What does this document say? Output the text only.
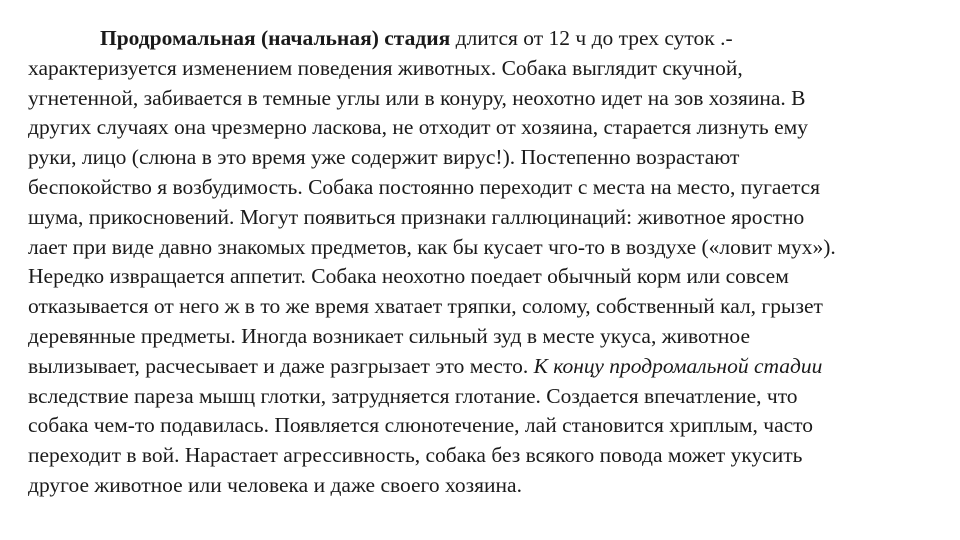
Продромальная (начальная) стадия длится от 12 ч до трех суток .-
характеризуется изменением поведения животных. Собака выглядит скучной,
угнетенной, забивается в темные углы или в конуру, неохотно идет на зов хозяина. В
других случаях она чрезмерно ласкова, не отходит от хозяина, старается лизнуть ему
руки, лицо (слюна в это время уже содержит вирус!). Постепенно возрастают
беспокойство я возбудимость. Собака постоянно переходит с места на место, пугается
шума, прикосновений. Могут появиться признаки галлюцинаций: животное яростно
лает при виде давно знакомых предметов, как бы кусает чго-то в воздухе («ловит мух»).
Нередко извращается аппетит. Собака неохотно поедает обычный корм или совсем
отказывается от него ж в то же время хватает тряпки, солому, собственный кал, грызет
деревянные предметы. Иногда возникает сильный зуд в месте укуса, животное
вылизывает, расчесывает и даже разгрызает это место. К концу продромальной стадии
вследствие пареза мышц глотки, затрудняется глотание. Создается впечатление, что
собака чем-то подавилась. Появляется слюнотечение, лай становится хриплым, часто
переходит в вой. Нарастает агрессивность, собака без всякого повода может укусить
другое животное или человека и даже своего хозяина.
